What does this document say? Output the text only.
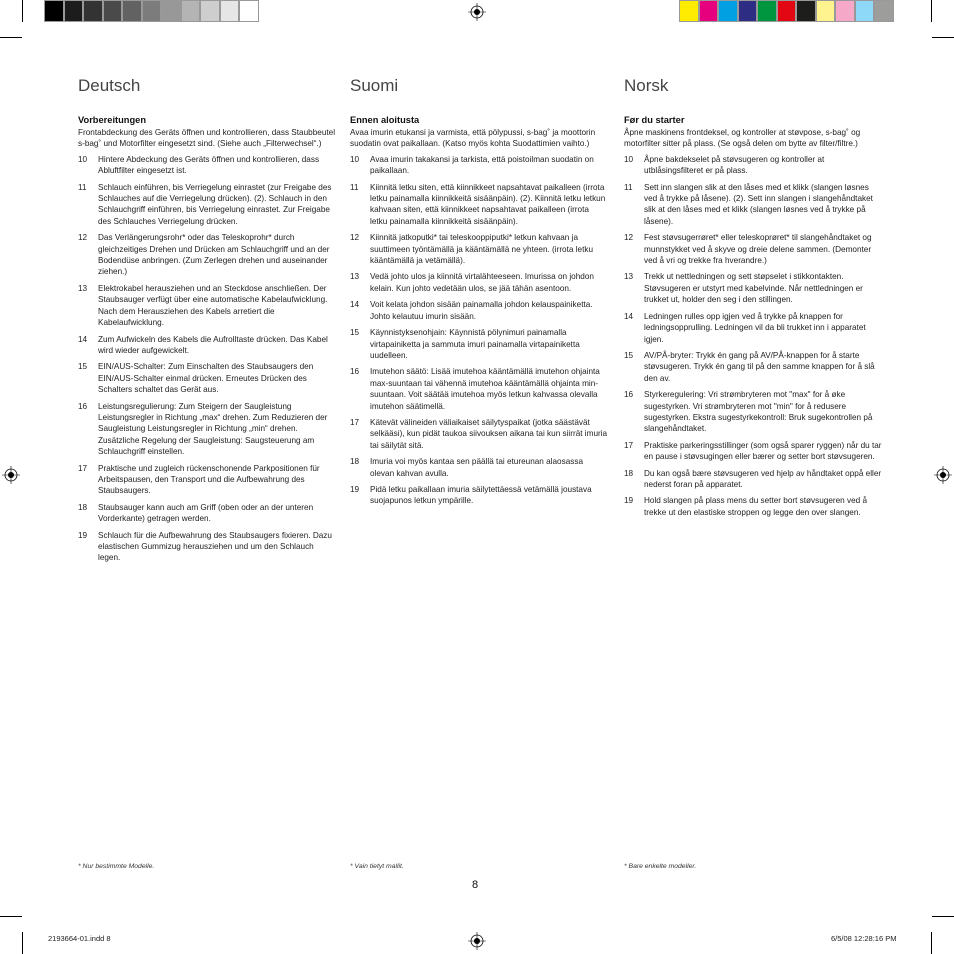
Deutsch
Vorbereitungen

Frontabdeckung des Geräts öffnen und kontrollieren, dass Staubbeutel s-bag˚ und Motorfilter eingesetzt sind. (Siehe auch „Filterwechsel“.)

10	Hintere Abdeckung des Geräts öffnen und kontrollieren, dass Abluftfilter eingesetzt ist.
11	Schlauch einführen, bis Verriegelung einrastet (zur Freigabe des Schlauches auf die Verriegelung drücken). (2). Schlauch in den Schlauchgriff einführen, bis Verriegelung einrastet. Zur Freigabe des Schlauches Verriegelung drücken.
12	Das Verlängerungsrohr* oder das Teleskoprohr* durch gleichzeitiges Drehen und Drücken am Schlauchgriff und an der Bodendüse anbringen. (Zum Zerlegen drehen und auseinander ziehen.)
13	Elektrokabel herausziehen und an Steckdose anschließen. Der Staubsauger verfügt über eine automatische Kabelaufwicklung. Nach dem Herausziehen des Kabels arretiert die Kabelaufwicklung.
14	Zum Aufwickeln des Kabels die Aufrolltaste drücken. Das Kabel wird wieder aufgewickelt.
15	EIN/AUS-Schalter: Zum Einschalten des Staubsaugers den EIN/AUS-Schalter einmal drücken. Erneutes Drücken des Schalters schaltet das Gerät aus.
16	Leistungsregulierung: Zum Steigern der Saugleistung Leistungsregler in Richtung „max“ drehen. Zum Reduzieren der Saugleistung Leistungsregler in Richtung „min“ drehen. Zusätzliche Regelung der Saugleistung: Saugsteuerung am Schlauchgriff einstellen.
17	Praktische und zugleich rückenschonende Parkpositionen für Arbeitspausen, den Transport und die Aufbewahrung des Staubsaugers.
18	Staubsauger kann auch am Griff (oben oder an der unteren Vorderkante) getragen werden.
19	Schlauch für die Aufbewahrung des Staubsaugers fixieren. Dazu elastischen Gummizug herausziehen und um den Schlauch legen.
Suomi
Ennen aloitusta

Avaa imurin etukansi ja varmista, että pölypussi, s-bag˚ ja moottorin suodatin ovat paikallaan. (Katso myös kohta Suodattimien vaihto.)

10	Avaa imurin takakansi ja tarkista, että poistoilman suodatin on paikallaan.
11	Kiinnitä letku siten, että kiinnikkeet napsahtavat paikalleen (irrota letku painamalla kiinnikkeitä sisäänpäin). (2). Kiinnitä letku letkun kahvaan siten, että kiinnikkeet napsahtavat paikalleen (irrota letku painamalla kiinnikkeitä sisäänpäin).
12	Kiinnitä jatkoputki* tai teleskooppiputki* letkun kahvaan ja suuttimeen työntämällä ja kääntämällä ne yhteen. (irrota letku kääntämällä ja vetämällä).
13	Vedä johto ulos ja kiinnitä virtalähteeseen. Imurissa on johdon kelain. Kun johto vedetään ulos, se jää tähän asentoon.
14	Voit kelata johdon sisään painamalla johdon kelauspainiketta. Johto kelautuu imurin sisään.
15	Käynnistyksenohjain: Käynnistä pölynimuri painamalla virtapainiketta ja sammuta imuri painamalla virtapainiketta uudelleen.
16	Imutehon säätö: Lisää imutehoa kääntämällä imutehon ohjainta max-suuntaan tai vähennä imutehoa kääntämällä ohjainta min-suuntaan. Voit säätää imutehoa myös letkun kahvassa olevalla imutehon säätimellä.
17	Kätevät välineiden väliaikaiset säilytyspaikat (jotka säästävät selkääsi), kun pidät taukoa siivouksen aikana tai kun siirrät imuria tai säilytät sitä.
18	Imuria voi myös kantaa sen päällä tai etureunan alaosassa olevan kahvan avulla.
19	Pidä letku paikallaan imuria säilytettäessä vetämällä joustava suojapunos letkun ympärille.
Norsk
Før du starter

Åpne maskinens frontdeksel, og kontroller at støvpose, s-bag˚ og motorfilter sitter på plass. (Se også delen om bytte av filter/filtre.)

10	Åpne bakdekselet på støvsugeren og kontroller at utblåsingsfilteret er på plass.
11	Sett inn slangen slik at den låses med et klikk (slangen løsnes ved å trykke på låsene). (2). Sett inn slangen i slangehåndtaket slik at den låses med et klikk (slangen løsnes ved å trykke på låsene).
12	Fest støvsugerrøret* eller teleskoprøret* til slangehåndtaket og munnstykket ved å skyve og dreie delene sammen. (Demonter ved å vri og trekke fra hverandre.)
13	Trekk ut nettledningen og sett støpselet i stikkontakten. Støvsugeren er utstyrt med kabelvinde. Når nettledningen er trukket ut, holder den seg i den stillingen.
14	Ledningen rulles opp igjen ved å trykke på knappen for ledningsopprulling. Ledningen vil da bli trukket inn i apparatet igjen.
15	AV/PÅ-bryter: Trykk én gang på AV/PÅ-knappen for å starte støvsugeren. Trykk én gang til på den samme knappen for å slå den av.
16	Styrkeregulering: Vri strømbryteren mot "max" for å øke sugestyrken. Vri strømbryteren mot "min" for å redusere sugestyrken. Ekstra sugestyrkekontroll: Bruk sugekontrollen på slangehåndtaket.
17	Praktiske parkeringsstillinger (som også sparer ryggen) når du tar en pause i støvsugingen eller bærer og setter bort støvsugeren.
18	Du kan også bære støvsugeren ved hjelp av håndtaket oppå eller nederst foran på apparatet.
19	Hold slangen på plass mens du setter bort støvsugeren ved å trekke ut den elastiske stroppen og legge den over slangen.
* Nur bestimmte Modelle.	* Vain tietyt mallit.	* Bare enkelte modeller.
8
2193664-01.indd 8	6/5/08 12:28:16 PM
